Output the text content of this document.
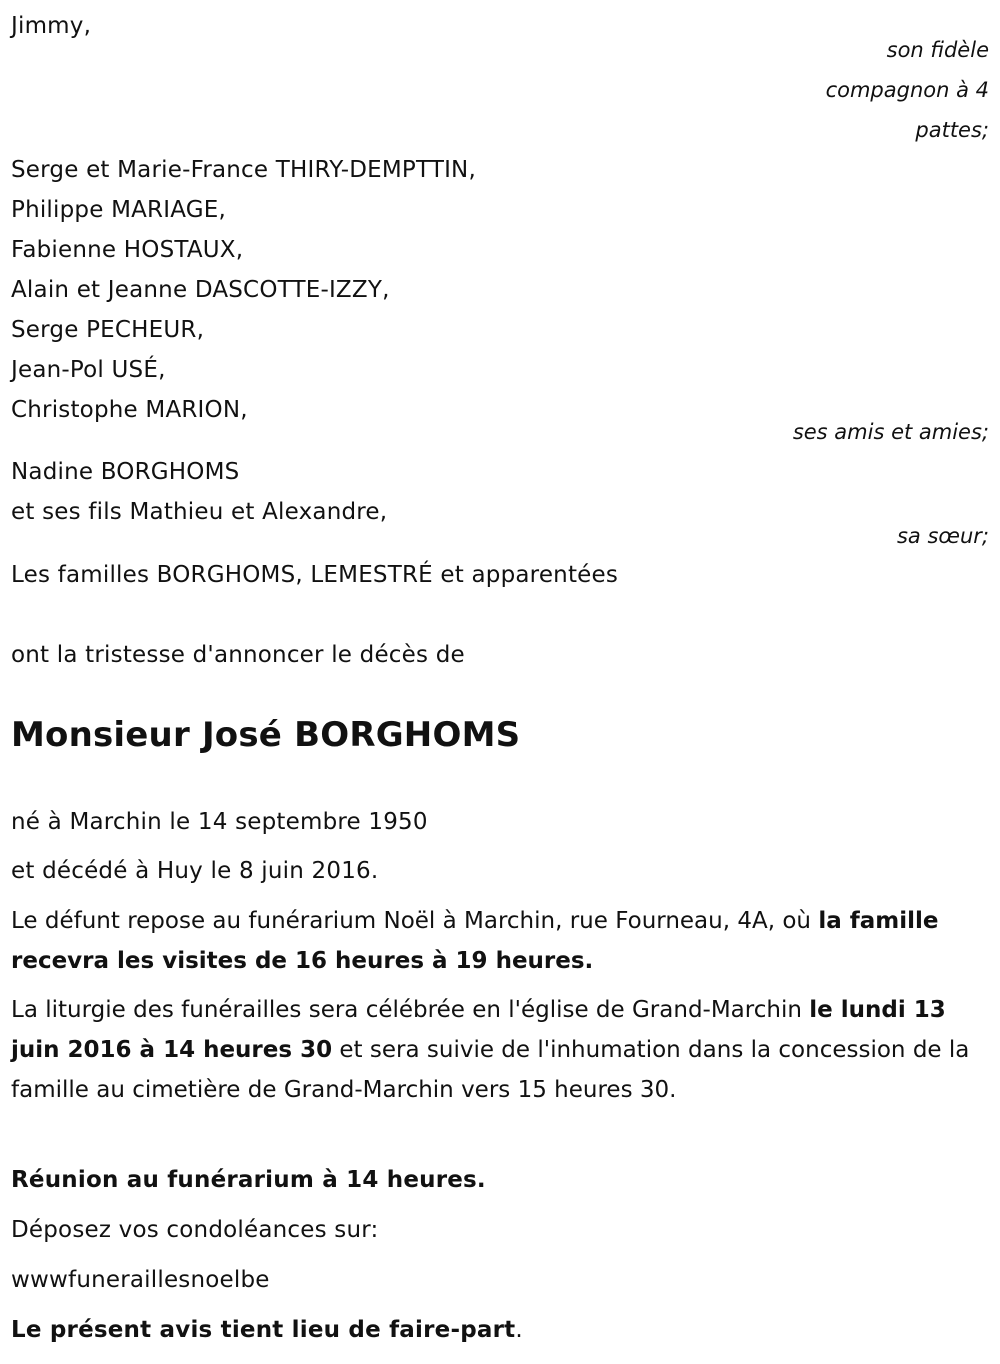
Jimmy,
son fidèle
compagnon à 4
pattes;
Serge et Marie-France THIRY-DEMPTTIN,
Philippe MARIAGE,
Fabienne HOSTAUX,
Alain et Jeanne DASCOTTE-IZZY,
Serge PECHEUR,
Jean-Pol USÉ,
Christophe MARION,
ses amis et amies;
Nadine BORGHOMS
et ses fils Mathieu et Alexandre,
sa sœur;
Les familles BORGHOMS, LEMESTRÉ et apparentées
ont la tristesse d'annoncer le décès de
Monsieur José BORGHOMS
né à Marchin le 14 septembre 1950
et décédé à Huy le 8 juin 2016.
Le défunt repose au funérarium Noël à Marchin, rue Fourneau, 4A, où la famille recevra les visites de 16 heures à 19 heures.
La liturgie des funérailles sera célébrée en l'église de Grand-Marchin le lundi 13 juin 2016 à 14 heures 30 et sera suivie de l'inhumation dans la concession de la famille au cimetière de Grand-Marchin vers 15 heures 30.
Réunion au funérarium à 14 heures.
Déposez vos condoléances sur:
wwwfuneraillesnoelbe
Le présent avis tient lieu de faire-part.
